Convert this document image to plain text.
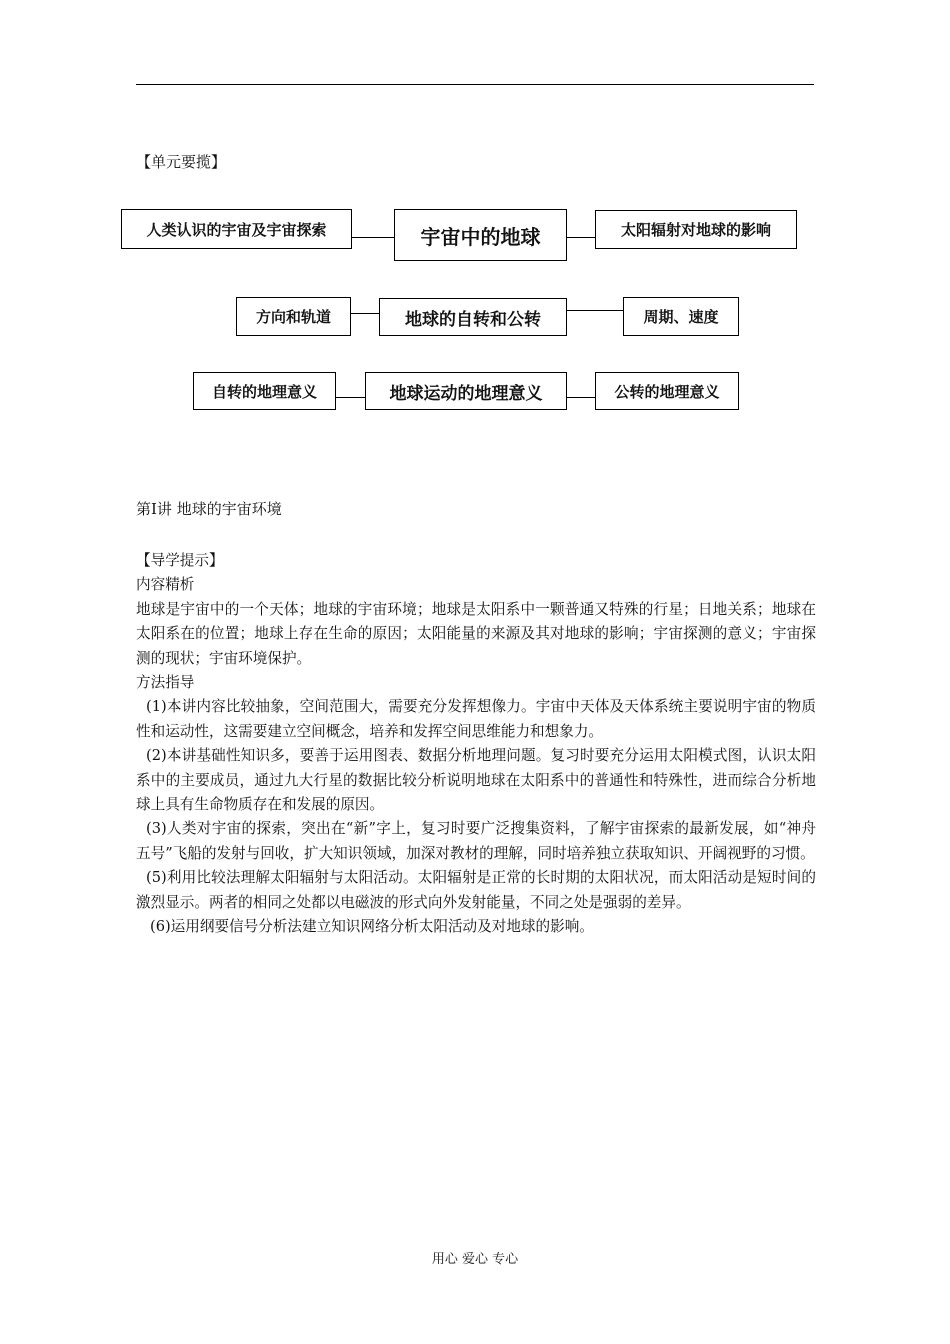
【单元要揽】
人类认识的宇宙及宇宙探索	宇宙中的地球	太阳辐射对地球的影响
方向和轨道	地球的自转和公转	周期、速度
自转的地理意义	地球运动的地理意义	公转的地理意义
第Ⅰ讲 地球的宇宙环境

【导学提示】

内容精析

地球是宇宙中的一个天体；地球的宇宙环境；地球是太阳系中一颗普通又特殊的行星；日地关系；地球在太阳系在的位置；地球上存在生命的原因；太阳能量的来源及其对地球的影响；宇宙探测的意义；宇宙探测的现状；宇宙环境保护。

方法指导

(1)本讲内容比较抽象，空间范围大，需要充分发挥想像力。宇宙中天体及天体系统主要说明宇宙的物质性和运动性，这需要建立空间概念，培养和发挥空间思维能力和想象力。

(2)本讲基础性知识多，要善于运用图表、数据分析地理问题。复习时要充分运用太阳模式图，认识太阳系中的主要成员，通过九大行星的数据比较分析说明地球在太阳系中的普通性和特殊性，进而综合分析地球上具有生命物质存在和发展的原因。

(3)人类对宇宙的探索，突出在“新”字上，复习时要广泛搜集资料，了解宇宙探索的最新发展，如“神舟五号”飞船的发射与回收，扩大知识领域，加深对教材的理解，同时培养独立获取知识、开阔视野的习惯。

(5)利用比较法理解太阳辐射与太阳活动。太阳辐射是正常的长时期的太阳状况，而太阳活动是短时间的激烈显示。两者的相同之处都以电磁波的形式向外发射能量，不同之处是强弱的差异。

(6)运用纲要信号分析法建立知识网络分析太阳活动及对地球的影响。

用心 爱心 专心
